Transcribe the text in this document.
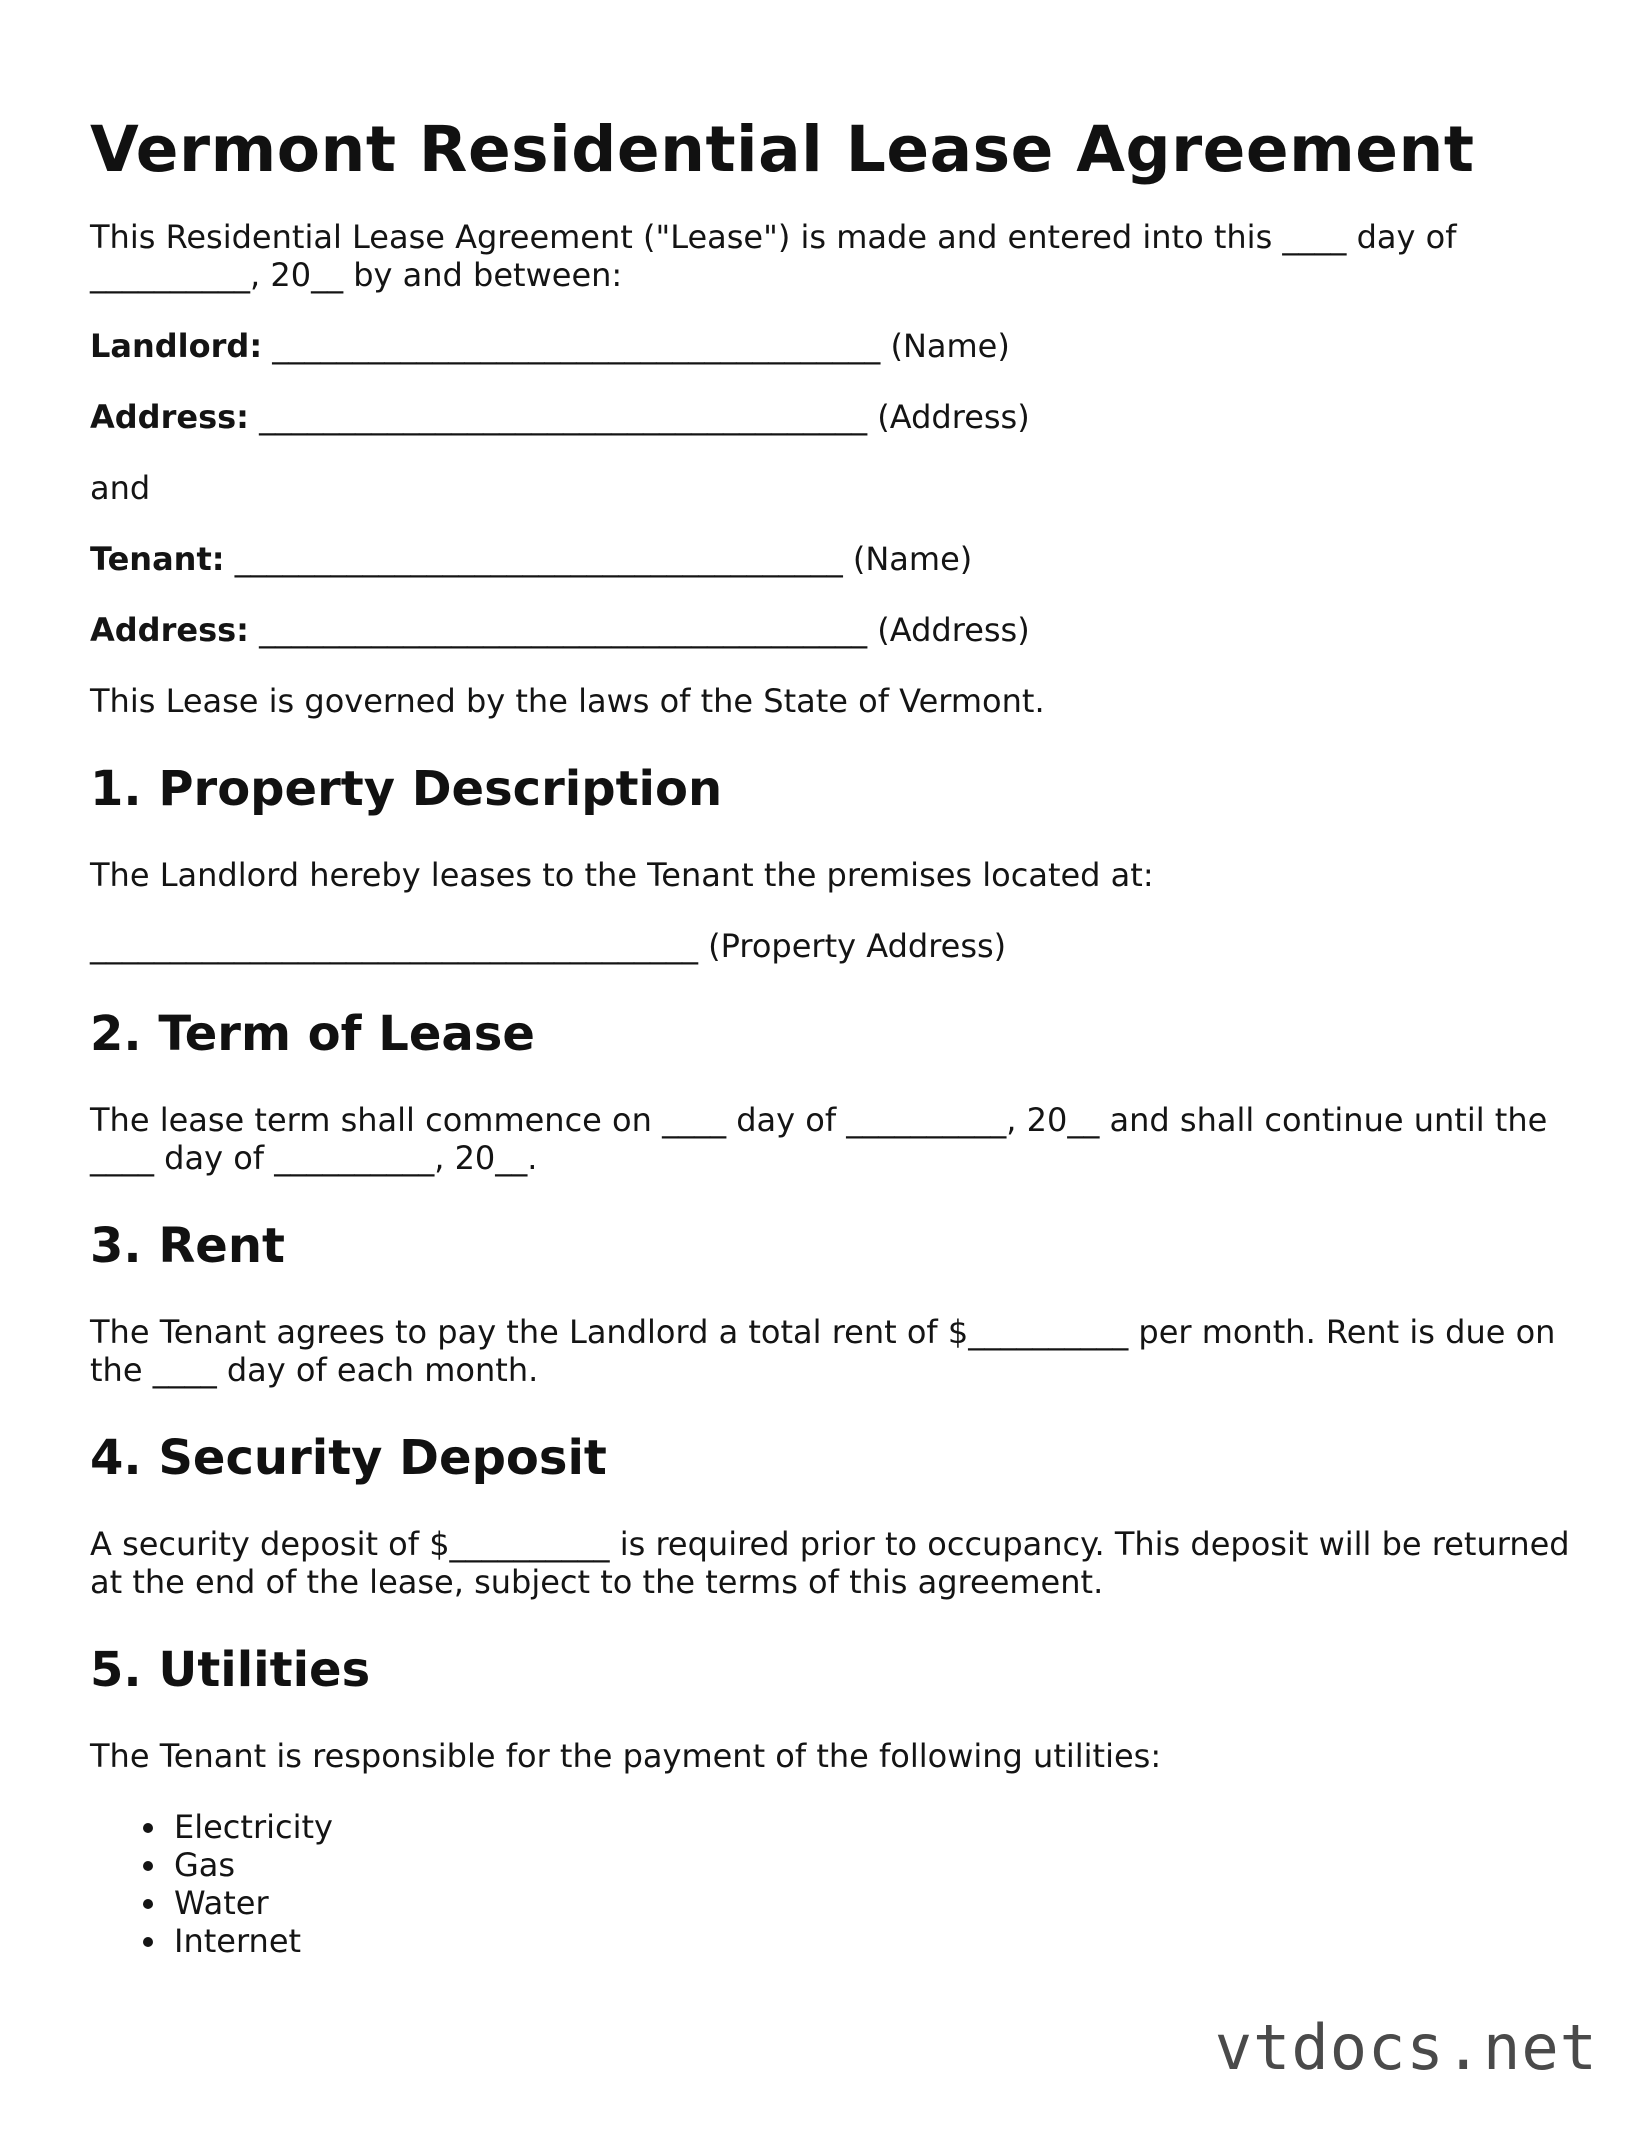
Vermont Residential Lease Agreement

This Residential Lease Agreement ("Lease") is made and entered into this ____ day of __________, 20__ by and between:

Landlord: ______________________________________ (Name)
Address: ______________________________________ (Address)

and

Tenant: ______________________________________ (Name)
Address: ______________________________________ (Address)

This Lease is governed by the laws of the State of Vermont.

1. Property Description

The Landlord hereby leases to the Tenant the premises located at:

______________________________________ (Property Address)

2. Term of Lease

The lease term shall commence on ____ day of __________, 20__ and shall continue until the ____ day of __________, 20__.

3. Rent

The Tenant agrees to pay the Landlord a total rent of $__________ per month. Rent is due on the ____ day of each month.

4. Security Deposit

A security deposit of $__________ is required prior to occupancy. This deposit will be returned at the end of the lease, subject to the terms of this agreement.

5. Utilities

The Tenant is responsible for the payment of the following utilities:

• Electricity
• Gas
• Water
• Internet
vtdocs.net
